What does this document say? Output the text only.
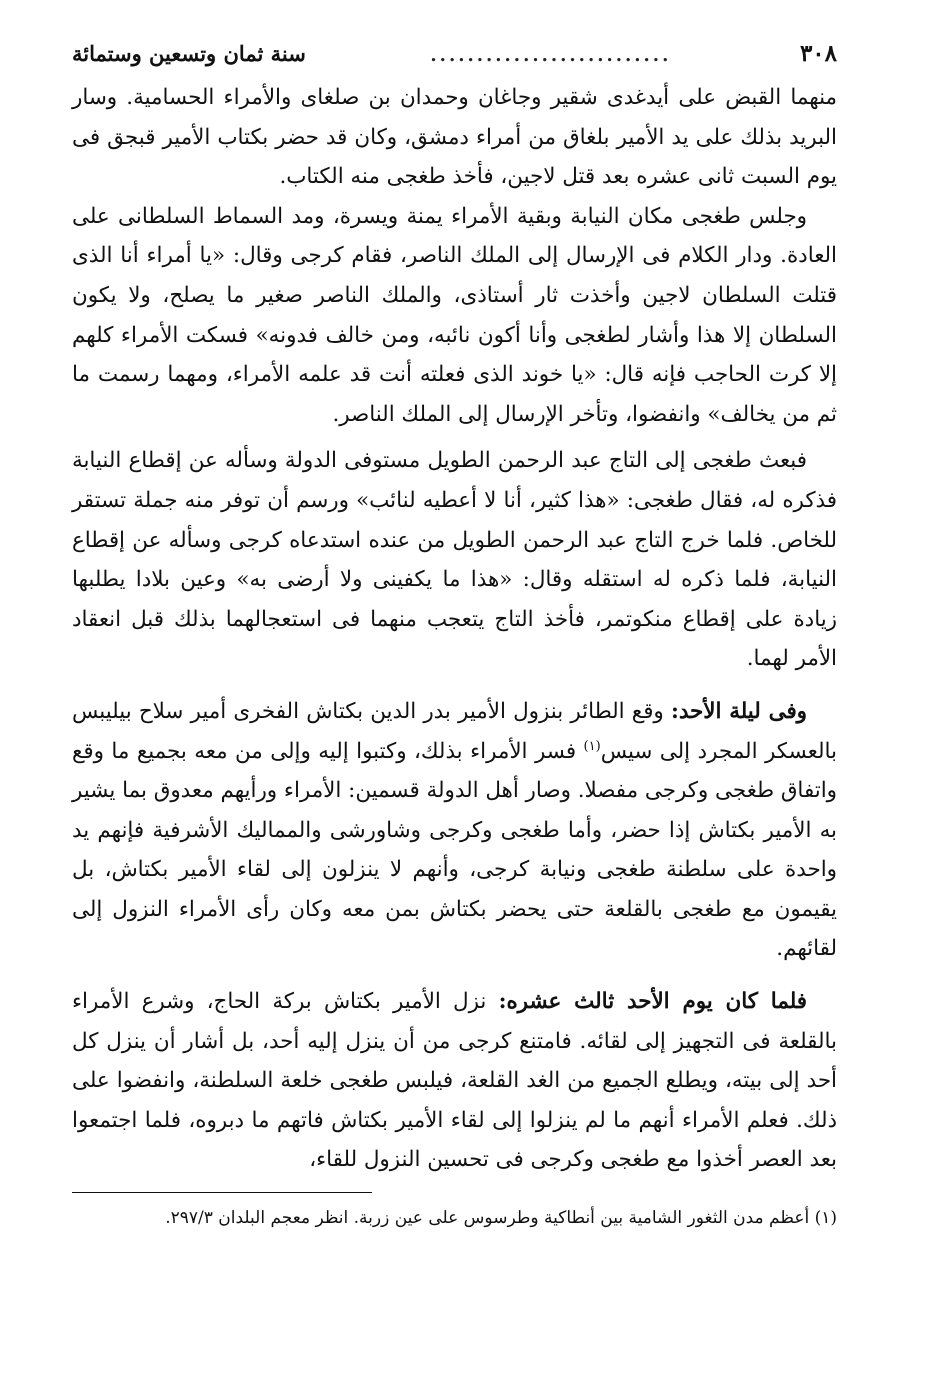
٣٠٨
..........................
سنة ثمان وتسعين وستمائة

منهما القبض على أيدغدى شقير وجاغان وحمدان بن صلغاى والأمراء الحسامية. وسار البريد بذلك على يد الأمير بلغاق من أمراء دمشق، وكان قد حضر بكتاب الأمير قبجق فى يوم السبت ثانى عشره بعد قتل لاجين، فأخذ طغجى منه الكتاب.

وجلس طغجى مكان النيابة وبقية الأمراء يمنة ويسرة، ومد السماط السلطانى على العادة. ودار الكلام فى الإرسال إلى الملك الناصر، فقام كرجى وقال: «يا أمراء أنا الذى قتلت السلطان لاجين وأخذت ثار أستاذى، والملك الناصر صغير ما يصلح، ولا يكون السلطان إلا هذا وأشار لطغجى وأنا أكون نائبه، ومن خالف فدونه» فسكت الأمراء كلهم إلا كرت الحاجب فإنه قال: «يا خوند الذى فعلته أنت قد علمه الأمراء، ومهما رسمت ما ثم من يخالف» وانفضوا، وتأخر الإرسال إلى الملك الناصر.

فبعث طغجى إلى التاج عبد الرحمن الطويل مستوفى الدولة وسأله عن إقطاع النيابة فذكره له، فقال طغجى: «هذا كثير، أنا لا أعطيه لنائب» ورسم أن توفر منه جملة تستقر للخاص. فلما خرج التاج عبد الرحمن الطويل من عنده استدعاه كرجى وسأله عن إقطاع النيابة، فلما ذكره له استقله وقال: «هذا ما يكفينى ولا أرضى به» وعين بلادا يطلبها زيادة على إقطاع منكوتمر، فأخذ التاج يتعجب منهما فى استعجالهما بذلك قبل انعقاد الأمر لهما.

وفى ليلة الأحد: وقع الطائر بنزول الأمير بدر الدين بكتاش الفخرى أمير سلاح بيليبس بالعسكر المجرد إلى سيس$^{(١)}$ فسر الأمراء بذلك، وكتبوا إليه وإلى من معه بجميع ما وقع واتفاق طغجى وكرجى مفصلا. وصار أهل الدولة قسمين: الأمراء ورأيهم معدوق بما يشير به الأمير بكتاش إذا حضر، وأما طغجى وكرجى وشاورشى والمماليك الأشرفية فإنهم يد واحدة على سلطنة طغجى ونيابة كرجى، وأنهم لا ينزلون إلى لقاء الأمير بكتاش، بل يقيمون مع طغجى بالقلعة حتى يحضر بكتاش بمن معه وكان رأى الأمراء النزول إلى لقائهم.

فلما كان يوم الأحد ثالث عشره: نزل الأمير بكتاش بركة الحاج، وشرع الأمراء بالقلعة فى التجهيز إلى لقائه. فامتنع كرجى من أن ينزل إليه أحد، بل أشار أن ينزل كل أحد إلى بيته، ويطلع الجميع من الغد القلعة، فيلبس طغجى خلعة السلطنة، وانفضوا على ذلك. فعلم الأمراء أنهم ما لم ينزلوا إلى لقاء الأمير بكتاش فاتهم ما دبروه، فلما اجتمعوا بعد العصر أخذوا مع طغجى وكرجى فى تحسين النزول للقاء،

(١) أعظم مدن الثغور الشامية بين أنطاكية وطرسوس على عين زربة. انظر معجم البلدان ٢٩٧/٣.
